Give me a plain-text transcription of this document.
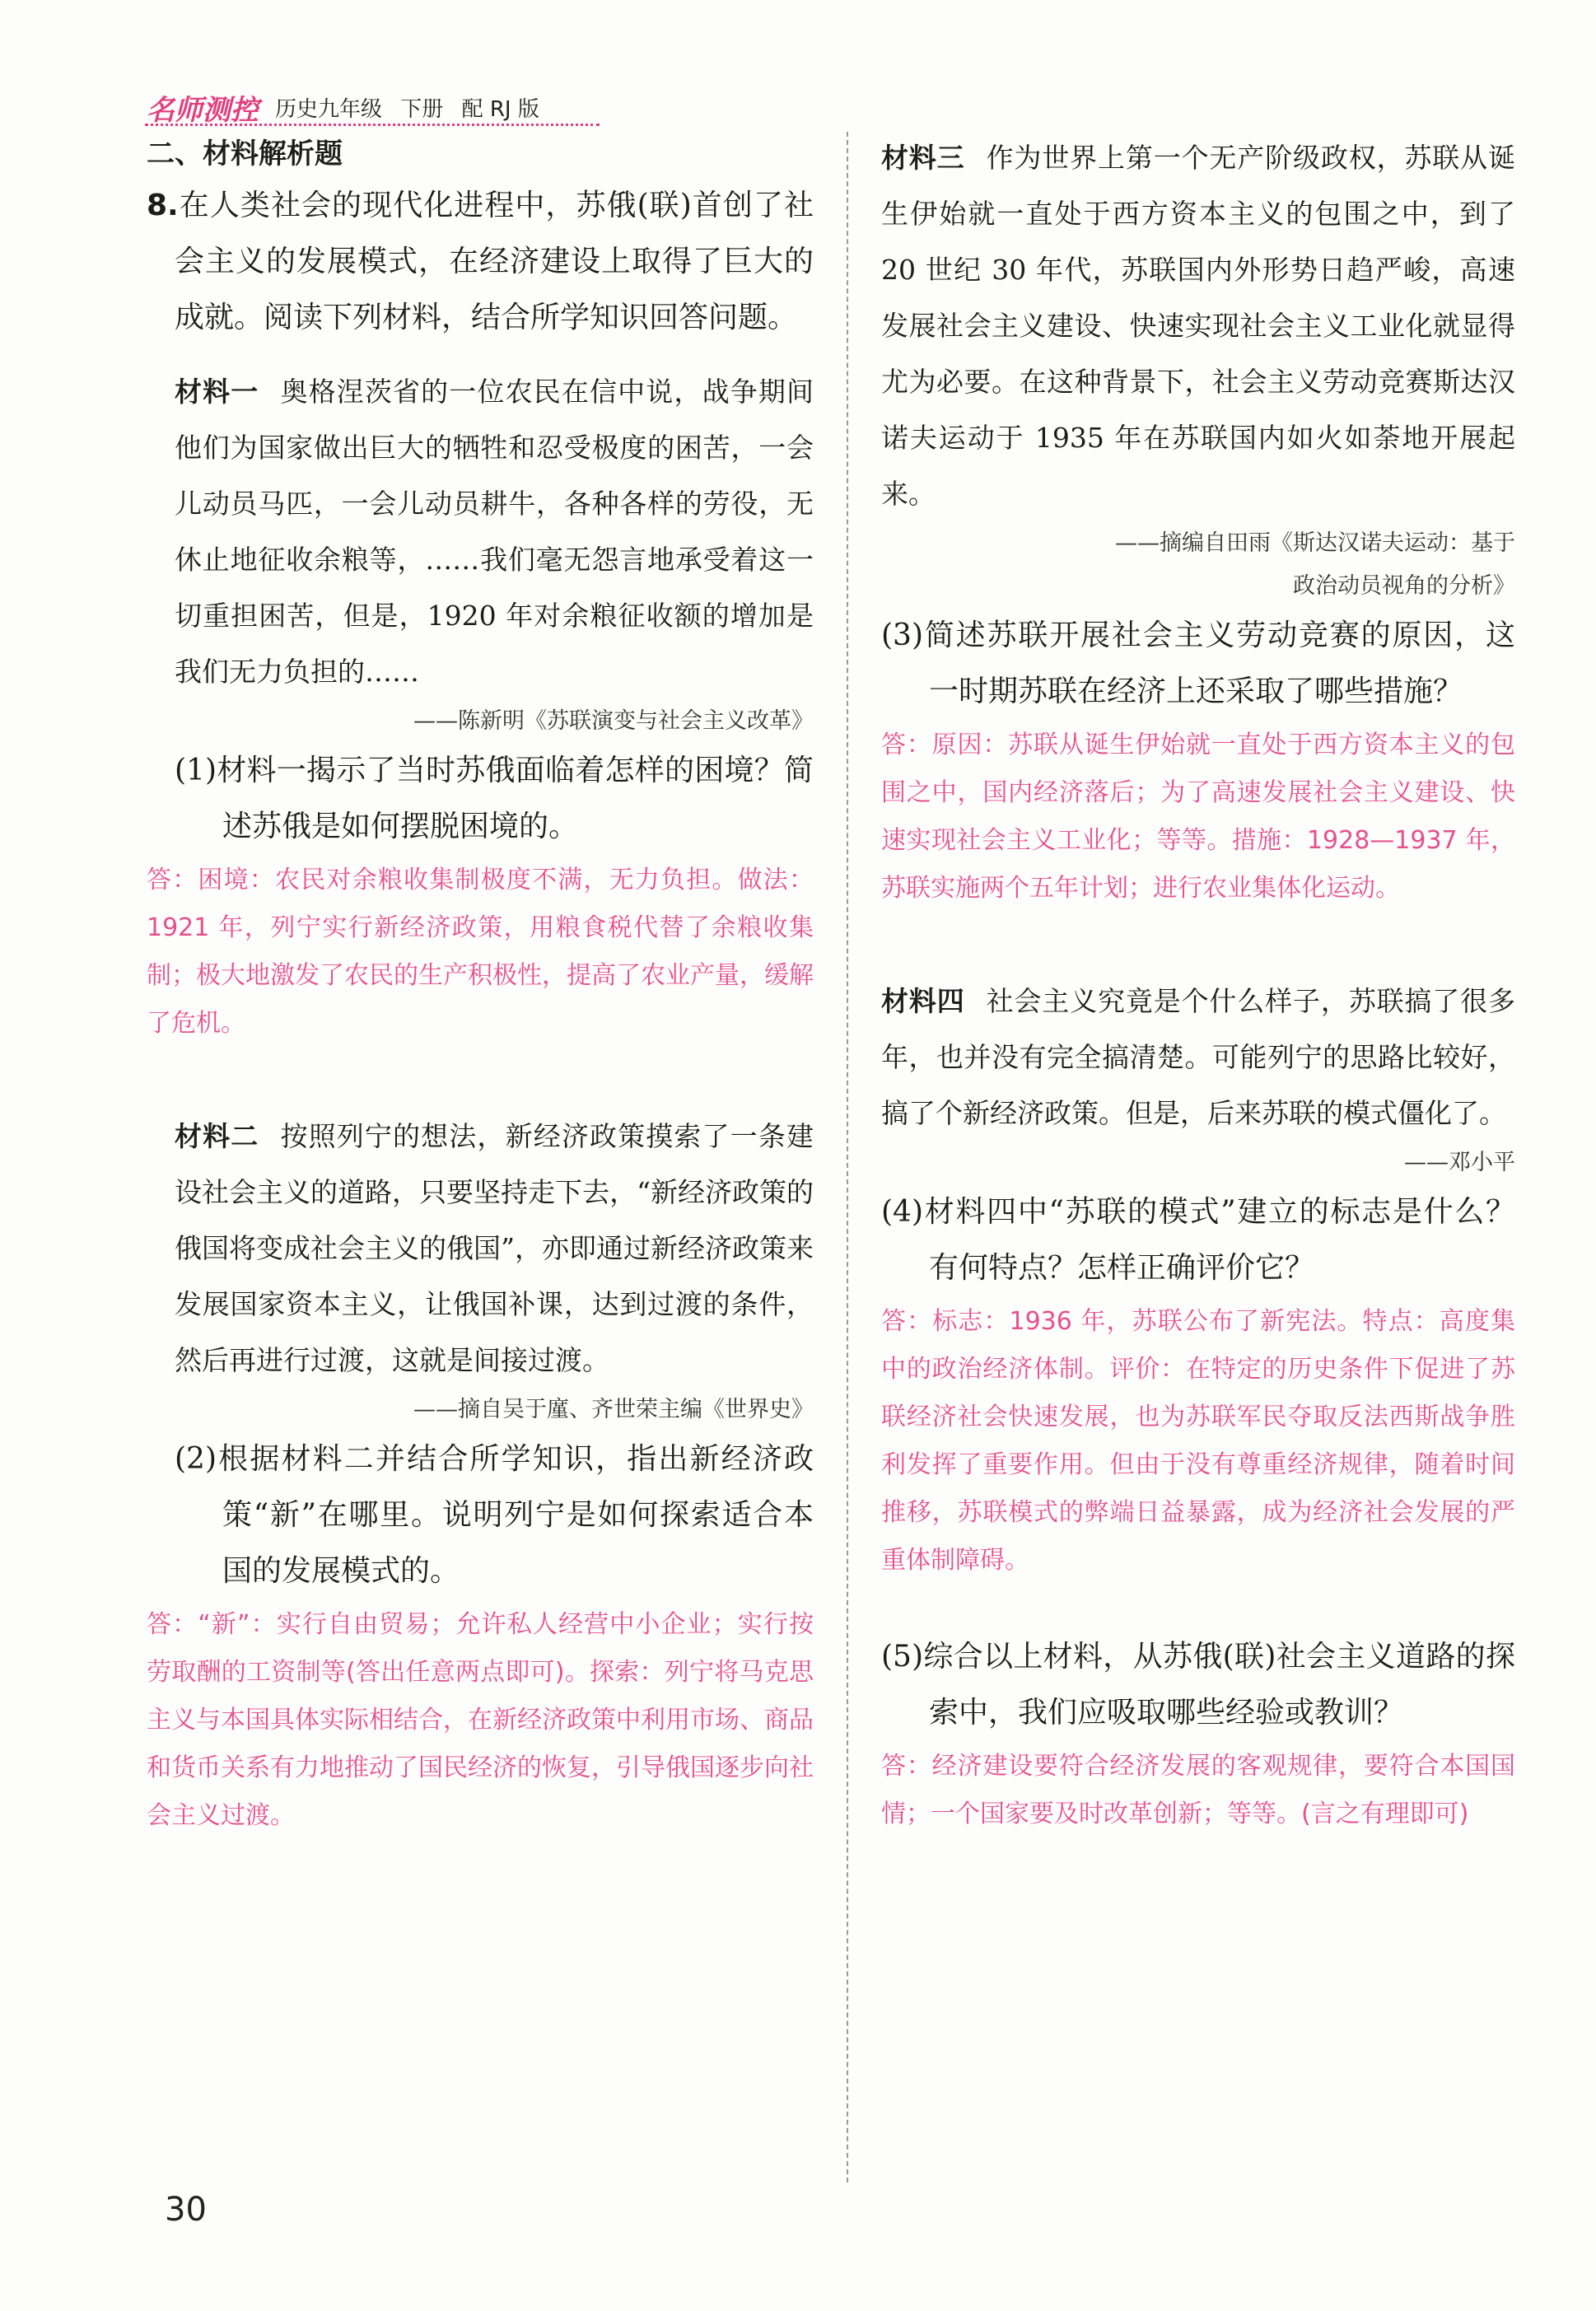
名师测控 历史九年级 下册 配 RJ 版

二、材料解析题

8.在人类社会的现代化进程中，苏俄(联)首创了社会主义的发展模式，在经济建设上取得了巨大的成就。阅读下列材料，结合所学知识回答问题。

材料一 奥格涅茨省的一位农民在信中说，战争期间他们为国家做出巨大的牺牲和忍受极度的困苦，一会儿动员马匹，一会儿动员耕牛，各种各样的劳役，无休止地征收余粮等，……我们毫无怨言地承受着这一切重担困苦，但是，1920 年对余粮征收额的增加是我们无力负担的……

——陈新明《苏联演变与社会主义改革》

(1)材料一揭示了当时苏俄面临着怎样的困境？简述苏俄是如何摆脱困境的。

答：困境：农民对余粮收集制极度不满，无力负担。做法：1921 年，列宁实行新经济政策，用粮食税代替了余粮收集制；极大地激发了农民的生产积极性，提高了农业产量，缓解了危机。

材料二 按照列宁的想法，新经济政策摸索了一条建设社会主义的道路，只要坚持走下去，“新经济政策的俄国将变成社会主义的俄国”，亦即通过新经济政策来发展国家资本主义，让俄国补课，达到过渡的条件，然后再进行过渡，这就是间接过渡。

——摘自吴于廑、齐世荣主编《世界史》

(2)根据材料二并结合所学知识，指出新经济政策“新”在哪里。说明列宁是如何探索适合本国的发展模式的。

答：“新”：实行自由贸易；允许私人经营中小企业；实行按劳取酬的工资制等(答出任意两点即可)。探索：列宁将马克思主义与本国具体实际相结合，在新经济政策中利用市场、商品和货币关系有力地推动了国民经济的恢复，引导俄国逐步向社会主义过渡。

材料三 作为世界上第一个无产阶级政权，苏联从诞生伊始就一直处于西方资本主义的包围之中，到了 20 世纪 30 年代，苏联国内外形势日趋严峻，高速发展社会主义建设、快速实现社会主义工业化就显得尤为必要。在这种背景下，社会主义劳动竞赛斯达汉诺夫运动于 1935 年在苏联国内如火如荼地开展起来。

——摘编自田雨《斯达汉诺夫运动：基于

政治动员视角的分析》

(3)简述苏联开展社会主义劳动竞赛的原因，这一时期苏联在经济上还采取了哪些措施？

答：原因：苏联从诞生伊始就一直处于西方资本主义的包围之中，国内经济落后；为了高速发展社会主义建设、快速实现社会主义工业化；等等。措施：1928—1937 年，苏联实施两个五年计划；进行农业集体化运动。

材料四 社会主义究竟是个什么样子，苏联搞了很多年，也并没有完全搞清楚。可能列宁的思路比较好，搞了个新经济政策。但是，后来苏联的模式僵化了。

——邓小平

(4)材料四中“苏联的模式”建立的标志是什么？有何特点？怎样正确评价它？

答：标志：1936 年，苏联公布了新宪法。特点：高度集中的政治经济体制。评价：在特定的历史条件下促进了苏联经济社会快速发展，也为苏联军民夺取反法西斯战争胜利发挥了重要作用。但由于没有尊重经济规律，随着时间推移，苏联模式的弊端日益暴露，成为经济社会发展的严重体制障碍。

(5)综合以上材料，从苏俄(联)社会主义道路的探索中，我们应吸取哪些经验或教训？

答：经济建设要符合经济发展的客观规律，要符合本国国情；一个国家要及时改革创新；等等。(言之有理即可)

30
